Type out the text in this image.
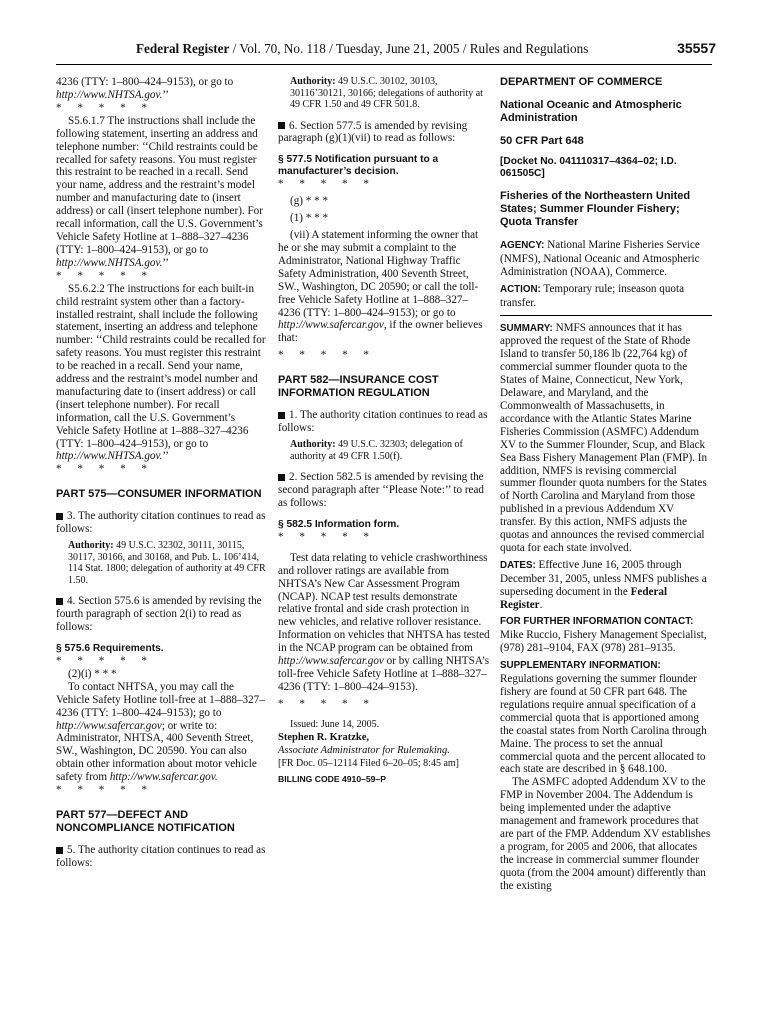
Federal Register / Vol. 70, No. 118 / Tuesday, June 21, 2005 / Rules and Regulations	35557

4236 (TTY: 1–800–424–9153), or go to http://www.NHTSA.gov.’’

* * * * *

S5.6.1.7 The instructions shall include the following statement, inserting an address and telephone number: ‘‘Child restraints could be recalled for safety reasons. You must register this restraint to be reached in a recall. Send your name, address and the restraint’s model number and manufacturing date to (insert address) or call (insert telephone number). For recall information, call the U.S. Government’s Vehicle Safety Hotline at 1–888–327–4236 (TTY: 1–800–424–9153), or go to http://www.NHTSA.gov.’’

* * * * *

S5.6.2.2 The instructions for each built-in child restraint system other than a factory-installed restraint, shall include the following statement, inserting an address and telephone number: ‘‘Child restraints could be recalled for safety reasons. You must register this restraint to be reached in a recall. Send your name, address and the restraint’s model number and manufacturing date to (insert address) or call (insert telephone number). For recall information, call the U.S. Government’s Vehicle Safety Hotline at 1–888–327–4236 (TTY: 1–800–424–9153), or go to http://www.NHTSA.gov.’’

* * * * *

PART 575—CONSUMER INFORMATION

3. The authority citation continues to read as follows:

Authority: 49 U.S.C. 32302, 30111, 30115, 30117, 30166, and 30168, and Pub. L. 106’414, 114 Stat. 1800; delegation of authority at 49 CFR 1.50.

4. Section 575.6 is amended by revising the fourth paragraph of section 2(i) to read as follows:

§ 575.6 Requirements.

* * * * *

(2)(i) * * *

To contact NHTSA, you may call the Vehicle Safety Hotline toll-free at 1–888–327–4236 (TTY: 1–800–424–9153); go to http://www.safercar.gov; or write to: Administrator, NHTSA, 400 Seventh Street, SW., Washington, DC 20590. You can also obtain other information about motor vehicle safety from http://www.safercar.gov.

* * * * *

PART 577—DEFECT AND NONCOMPLIANCE NOTIFICATION

5. The authority citation continues to read as follows:

Authority: 49 U.S.C. 30102, 30103, 30116’30121, 30166; delegations of authority at 49 CFR 1.50 and 49 CFR 501.8.

6. Section 577.5 is amended by revising paragraph (g)(1)(vii) to read as follows:

§ 577.5 Notification pursuant to a manufacturer’s decision.

* * * * *

(g) * * *

(1) * * *

(vii) A statement informing the owner that he or she may submit a complaint to the Administrator, National Highway Traffic Safety Administration, 400 Seventh Street, SW., Washington, DC 20590; or call the toll-free Vehicle Safety Hotline at 1–888–327–4236 (TTY: 1–800–424–9153); or go to http://www.safercar.gov, if the owner believes that:

* * * * *

PART 582—INSURANCE COST INFORMATION REGULATION

1. The authority citation continues to read as follows:

Authority: 49 U.S.C. 32303; delegation of authority at 49 CFR 1.50(f).

2. Section 582.5 is amended by revising the second paragraph after ‘‘Please Note:’’ to read as follows:

§ 582.5 Information form.

* * * * *

Test data relating to vehicle crashworthiness and rollover ratings are available from NHTSA’s New Car Assessment Program (NCAP). NCAP test results demonstrate relative frontal and side crash protection in new vehicles, and relative rollover resistance. Information on vehicles that NHTSA has tested in the NCAP program can be obtained from http://www.safercar.gov or by calling NHTSA’s toll-free Vehicle Safety Hotline at 1–888–327–4236 (TTY: 1–800–424–9153).

* * * * *

Issued: June 14, 2005.

Stephen R. Kratzke,

Associate Administrator for Rulemaking.

[FR Doc. 05–12114 Filed 6–20–05; 8:45 am]

BILLING CODE 4910–59–P

DEPARTMENT OF COMMERCE

National Oceanic and Atmospheric Administration

50 CFR Part 648

[Docket No. 041110317–4364–02; I.D. 061505C]

Fisheries of the Northeastern United States; Summer Flounder Fishery; Quota Transfer

AGENCY: National Marine Fisheries Service (NMFS), National Oceanic and Atmospheric Administration (NOAA), Commerce.

ACTION: Temporary rule; inseason quota transfer.

SUMMARY: NMFS announces that it has approved the request of the State of Rhode Island to transfer 50,186 lb (22,764 kg) of commercial summer flounder quota to the States of Maine, Connecticut, New York, Delaware, and Maryland, and the Commonwealth of Massachusetts, in accordance with the Atlantic States Marine Fisheries Commission (ASMFC) Addendum XV to the Summer Flounder, Scup, and Black Sea Bass Fishery Management Plan (FMP). In addition, NMFS is revising commercial summer flounder quota numbers for the States of North Carolina and Maryland from those published in a previous Addendum XV transfer. By this action, NMFS adjusts the quotas and announces the revised commercial quota for each state involved.

DATES: Effective June 16, 2005 through December 31, 2005, unless NMFS publishes a superseding document in the Federal Register.

FOR FURTHER INFORMATION CONTACT:

Mike Ruccio, Fishery Management Specialist, (978) 281–9104, FAX (978) 281–9135.

SUPPLEMENTARY INFORMATION:

Regulations governing the summer flounder fishery are found at 50 CFR part 648. The regulations require annual specification of a commercial quota that is apportioned among the coastal states from North Carolina through Maine. The process to set the annual commercial quota and the percent allocated to each state are described in § 648.100.

The ASMFC adopted Addendum XV to the FMP in November 2004. The Addendum is being implemented under the adaptive management and framework procedures that are part of the FMP. Addendum XV establishes a program, for 2005 and 2006, that allocates the increase in commercial summer flounder quota (from the 2004 amount) differently than the existing
